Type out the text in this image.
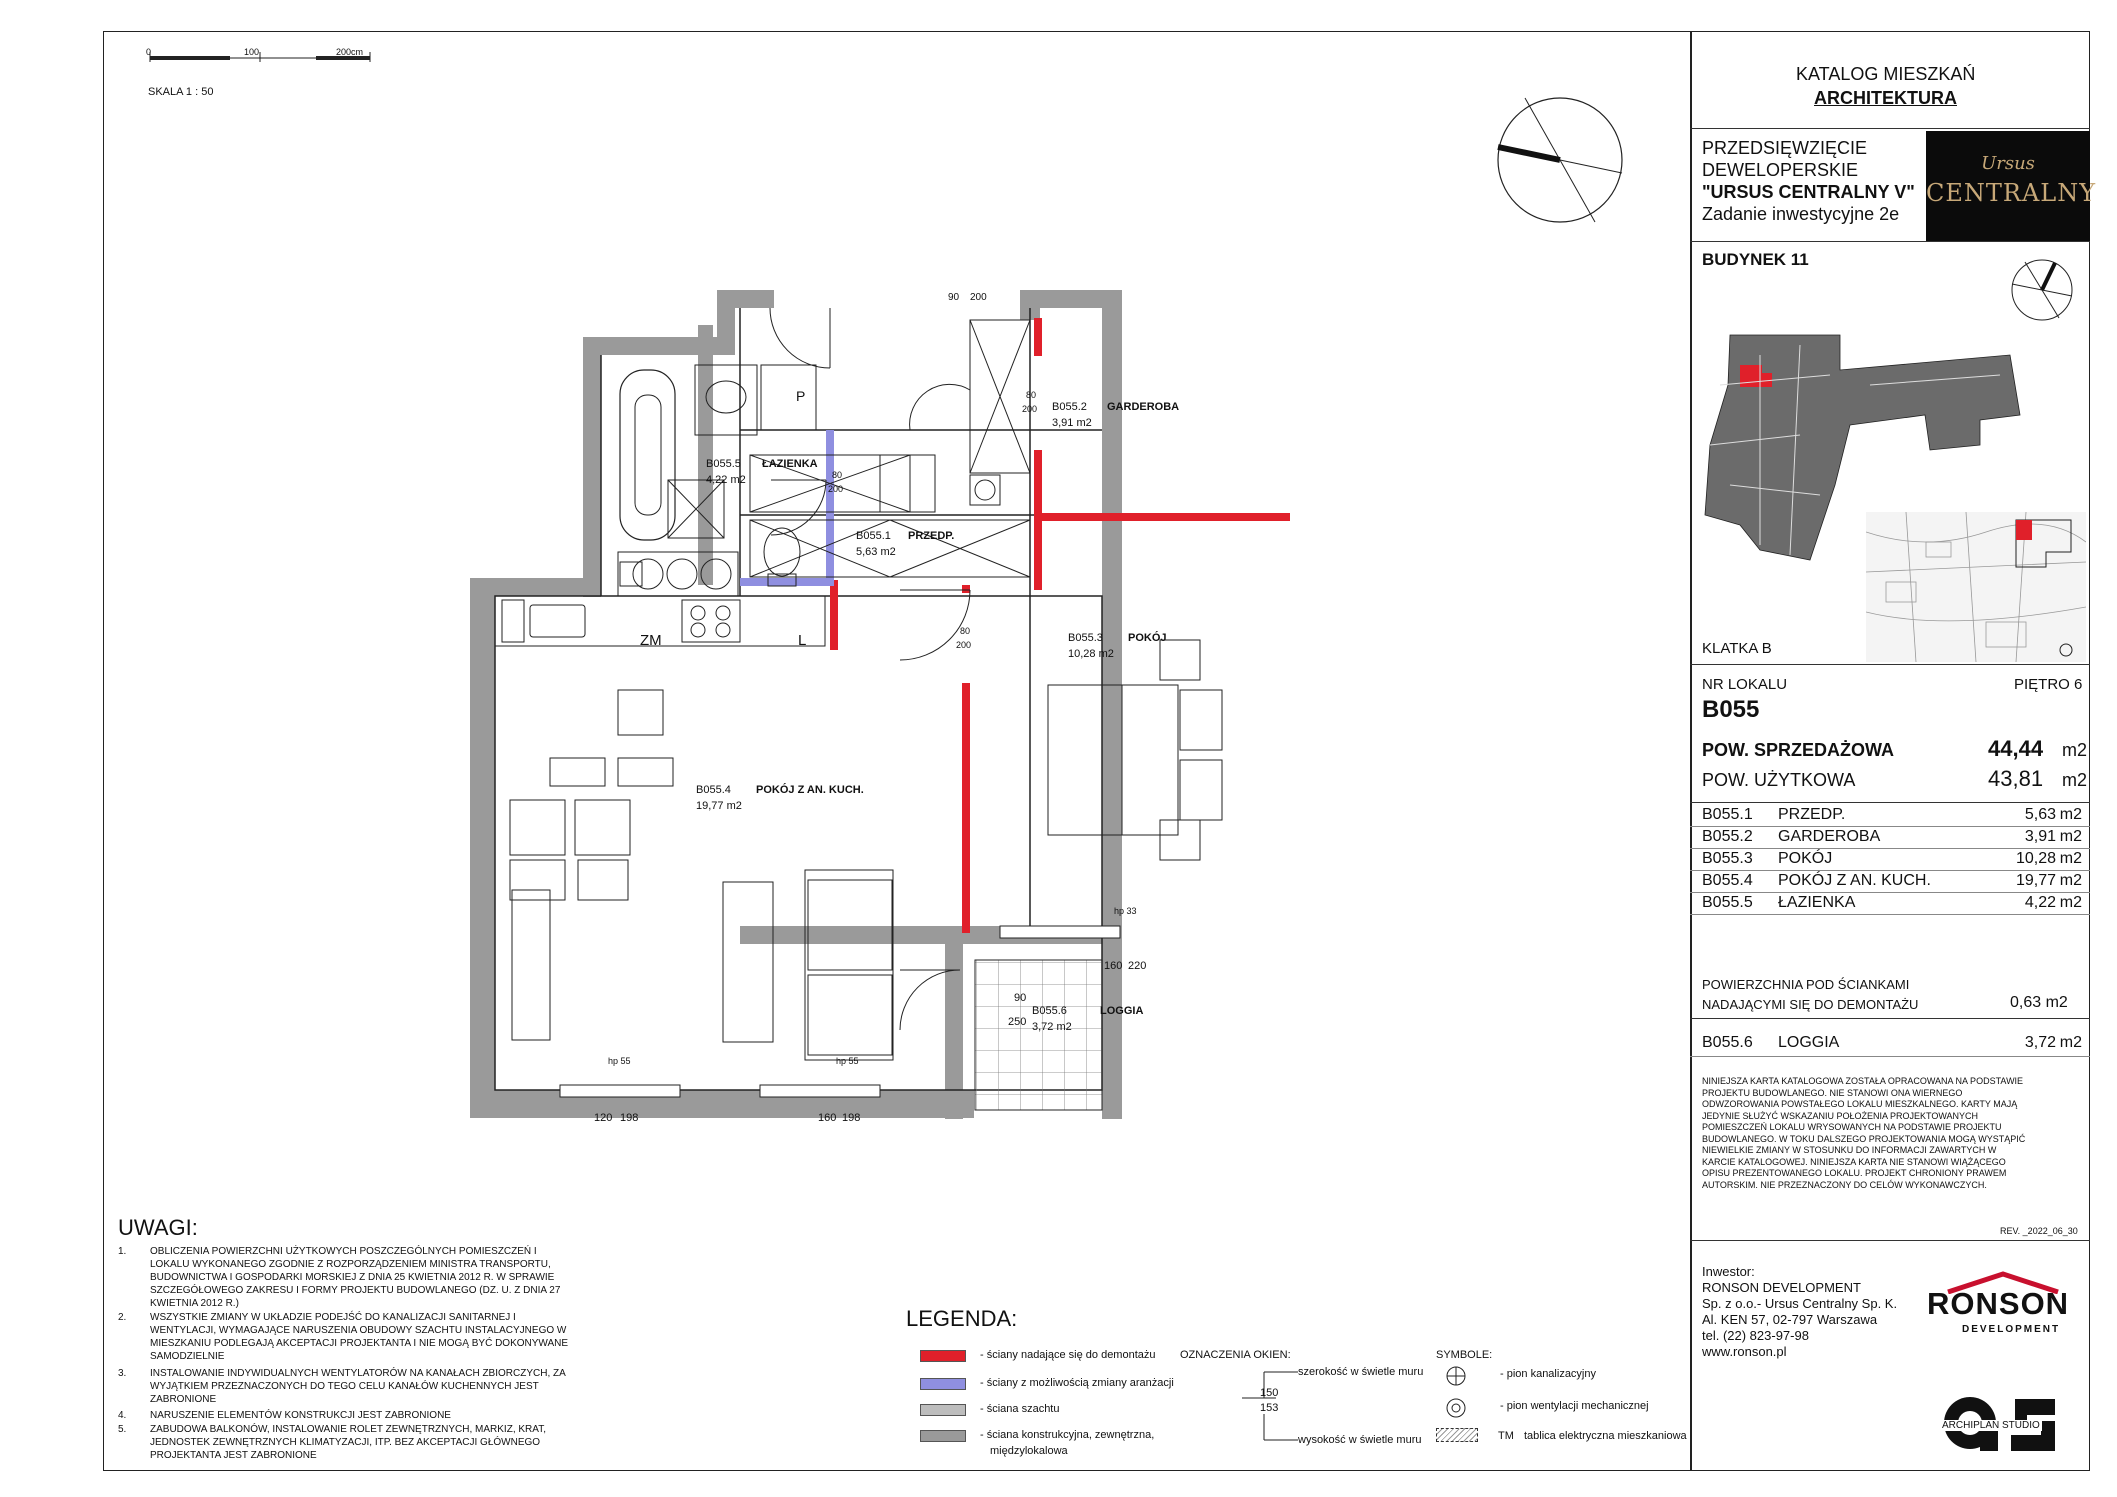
0	100	200cm
SKALA 1 : 50
B055.5 ŁAZIENKA
4,22 m2
B055.2 GARDEROBA
3,91 m2
B055.1 PRZEDP.
5,63 m2
B055.3 POKÓJ
10,28 m2
B055.4 POKÓJ Z AN. KUCH.
19,77 m2
B055.6	LOGGIA
3,72 m2
ZM	L
P
90 200
80
200
80
200
80
200
90
250
160 220
hp 33
hp 55	hp 55
120 198	160 198
KATALOG MIESZKAŃ
ARCHITEKTURA
PRZEDSIĘWZIĘCIE
DEWELOPERSKIE
"URSUS CENTRALNY V"
Zadanie inwestycyjne 2e
Ursus
CENTRALNY
BUDYNEK 11
KLATKA B
NR LOKALU	PIĘTRO 6
B055
POW. SPRZEDAŻOWA	44,44 m2
POW. UŻYTKOWA	43,81 m2
B055.1 PRZEDP.	5,63 m2
B055.2 GARDEROBA	3,91 m2
B055.3 POKÓJ	10,28 m2
B055.4 POKÓJ Z AN. KUCH.	19,77 m2
B055.5 ŁAZIENKA	4,22 m2
POWIERZCHNIA POD ŚCIANKAMI
NADAJĄCYMI SIĘ DO DEMONTAŻU	0,63 m2
B055.6 LOGGIA	3,72 m2
NINIEJSZA KARTA KATALOGOWA ZOSTAŁA OPRACOWANA NA PODSTAWIE PROJEKTU BUDOWLANEGO. NIE STANOWI ONA WIERNEGO ODWZOROWANIA POWSTAŁEGO LOKALU MIESZKALNEGO. KARTY MAJĄ JEDYNIE SŁUŻYĆ WSKAZANIU POŁOŻENIA PROJEKTOWANYCH POMIESZCZEŃ LOKALU WRYSOWANYCH NA PODSTAWIE PROJEKTU BUDOWLANEGO. W TOKU DALSZEGO PROJEKTOWANIA MOGĄ WYSTĄPIĆ NIEWIELKIE ZMIANY W STOSUNKU DO INFORMACJI ZAWARTYCH W KARCIE KATALOGOWEJ. NINIEJSZA KARTA NIE STANOWI WIĄŻĄCEGO OPISU PREZENTOWANEGO LOKALU. PROJEKT CHRONIONY PRAWEM AUTORSKIM. NIE PRZEZNACZONY DO CELÓW WYKONAWCZYCH.
REV. _2022_06_30
Inwestor:
RONSON DEVELOPMENT
Sp. z o.o.- Ursus Centralny Sp. K.
Al. KEN 57, 02-797 Warszawa
tel. (22) 823-97-98
www.ronson.pl
RONSON
DEVELOPMENT
ARCHIPLAN STUDIO
UWAGI:
1. OBLICZENIA POWIERZCHNI UŻYTKOWYCH POSZCZEGÓLNYCH POMIESZCZEŃ I LOKALU WYKONANEGO ZGODNIE Z ROZPORZĄDZENIEM MINISTRA TRANSPORTU, BUDOWNICTWA I GOSPODARKI MORSKIEJ Z DNIA 25 KWIETNIA 2012 R. W SPRAWIE SZCZEGÓŁOWEGO ZAKRESU I FORMY PROJEKTU BUDOWLANEGO (DZ. U. Z DNIA 27 KWIETNIA 2012 R.)
2. WSZYSTKIE ZMIANY W UKŁADZIE PODEJŚĆ DO KANALIZACJI SANITARNEJ I WENTYLACJI, WYMAGAJĄCE NARUSZENIA OBUDOWY SZACHTU INSTALACYJNEGO W MIESZKANIU PODLEGAJĄ AKCEPTACJI PROJEKTANTA I NIE MOGĄ BYĆ DOKONYWANE SAMODZIELNIE
3. INSTALOWANIE INDYWIDUALNYCH WENTYLATORÓW NA KANAŁACH ZBIORCZYCH, ZA WYJĄTKIEM PRZEZNACZONYCH DO TEGO CELU KANAŁÓW KUCHENNYCH JEST ZABRONIONE
4. NARUSZENIE ELEMENTÓW KONSTRUKCJI JEST ZABRONIONE
5. ZABUDOWA BALKONÓW, INSTALOWANIE ROLET ZEWNĘTRZNYCH, MARKIZ, KRAT, JEDNOSTEK ZEWNĘTRZNYCH KLIMATYZACJI, ITP. BEZ AKCEPTACJI GŁÓWNEGO PROJEKTANTA JEST ZABRONIONE
LEGENDA:
- ściany nadające się do demontażu
- ściany z możliwością zmiany aranżacji
- ściana szachtu
- ściana konstrukcyjna, zewnętrzna,
międzylokalowa
OZNACZENIA OKIEN:
szerokość w świetle muru
150
153
wysokość w świetle muru
SYMBOLE:
- pion kanalizacyjny
- pion wentylacji mechanicznej
TM tablica elektryczna mieszkaniowa
